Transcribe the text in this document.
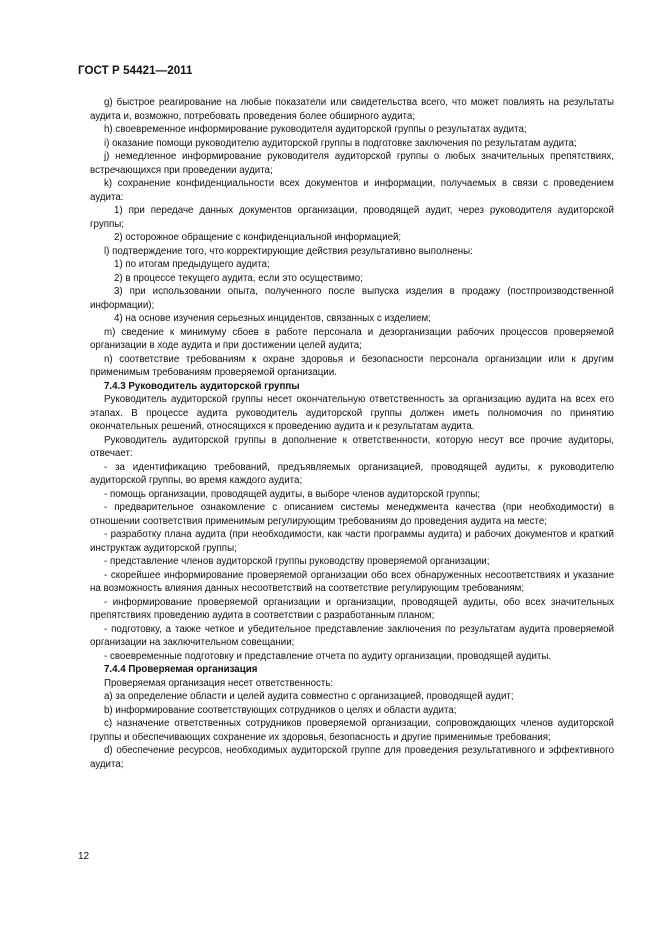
ГОСТ Р 54421—2011

g) быстрое реагирование на любые показатели или свидетельства всего, что может повлиять на результаты аудита и, возможно, потребовать проведения более обширного аудита;

h) своевременное информирование руководителя аудиторской группы о результатах аудита;

i) оказание помощи руководителю аудиторской группы в подготовке заключения по результатам аудита;

j) немедленное информирование руководителя аудиторской группы о любых значительных препятствиях, встречающихся при проведении аудита;

k) сохранение конфиденциальности всех документов и информации, получаемых в связи с проведением аудита:

1) при передаче данных документов организации, проводящей аудит, через руководителя аудиторской группы;

2) осторожное обращение с конфиденциальной информацией;

l) подтверждение того, что корректирующие действия результативно выполнены:

1) по итогам предыдущего аудита;

2) в процессе текущего аудита, если это осуществимо;

3) при использовании опыта, полученного после выпуска изделия в продажу (постпроизводственной информации);

4) на основе изучения серьезных инцидентов, связанных с изделием;

m) сведение к минимуму сбоев в работе персонала и дезорганизации рабочих процессов проверяемой организации в ходе аудита и при достижении целей аудита;

n) соответствие требованиям к охране здоровья и безопасности персонала организации или к другим применимым требованиям проверяемой организации.

7.4.3 Руководитель аудиторской группы

Руководитель аудиторской группы несет окончательную ответственность за организацию аудита на всех его этапах. В процессе аудита руководитель аудиторской группы должен иметь полномочия по принятию окончательных решений, относящихся к проведению аудита и к результатам аудита.

Руководитель аудиторской группы в дополнение к ответственности, которую несут все прочие аудиторы, отвечает:

- за идентификацию требований, предъявляемых организацией, проводящей аудиты, к руководителю аудиторской группы, во время каждого аудита;

- помощь организации, проводящей аудиты, в выборе членов аудиторской группы;

- предварительное ознакомление с описанием системы менеджмента качества (при необходимости) в отношении соответствия применимым регулирующим требованиям до проведения аудита на месте;

- разработку плана аудита (при необходимости, как части программы аудита) и рабочих документов и краткий инструктаж аудиторской группы;

- представление членов аудиторской группы руководству проверяемой организации;

- скорейшее информирование проверяемой организации обо всех обнаруженных несоответствиях и указание на возможность влияния данных несоответствий на соответствие регулирующим требованиям;

- информирование проверяемой организации и организации, проводящей аудиты, обо всех значительных препятствиях проведению аудита в соответствии с разработанным планом;

- подготовку, а также четкое и убедительное представление заключения по результатам аудита проверяемой организации на заключительном совещании;

- своевременные подготовку и представление отчета по аудиту организации, проводящей аудиты.

7.4.4 Проверяемая организация

Проверяемая организация несет ответственность:

a) за определение области и целей аудита совместно с организацией, проводящей аудит;

b) информирование соответствующих сотрудников о целях и области аудита;

c) назначение ответственных сотрудников проверяемой организации, сопровождающих членов аудиторской группы и обеспечивающих сохранение их здоровья, безопасность и другие применимые требования;

d) обеспечение ресурсов, необходимых аудиторской группе для проведения результативного и эффективного аудита;

12
